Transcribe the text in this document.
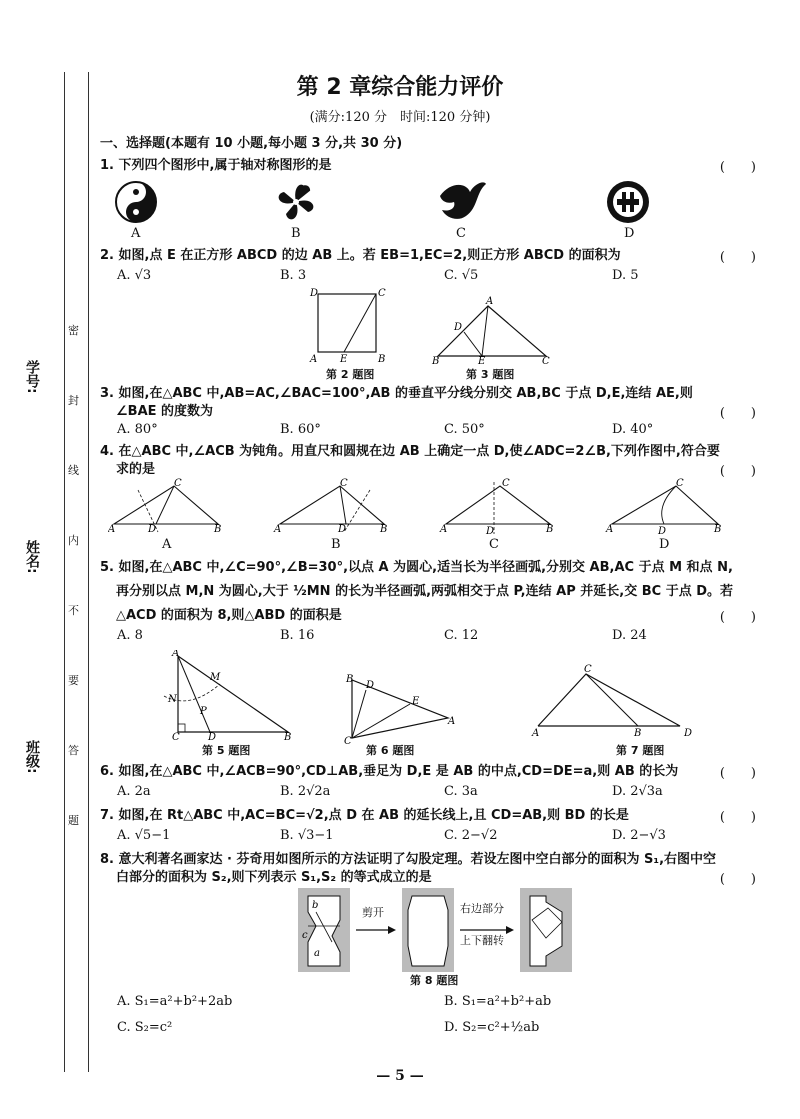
学号:
姓名:
班级:
密
封
线
内
不
要
答
题
第 2 章综合能力评价
(满分:120 分　时间:120 分钟)
一、选择题(本题有 10 小题,每小题 3 分,共 30 分)
1. 下列四个图形中,属于轴对称图形的是	(　　)
A	B	C	D
2. 如图,点 E 在正方形 ABCD 的边 AB 上。若 EB=1,EC=2,则正方形 ABCD 的面积为	(　　)
A. √3	B. 3	C. √5	D. 5
D	C
A E	B
第 2 题图
A
D
B	E	C
第 3 题图
3. 如图,在△ABC 中,AB=AC,∠BAC=100°,AB 的垂直平分线分别交 AB,BC 于点 D,E,连结 AE,则
∠BAE 的度数为	(　　)
A. 80°	B. 60°	C. 50°	D. 40°
4. 在△ABC 中,∠ACB 为钝角。用直尺和圆规在边 AB 上确定一点 D,使∠ADC=2∠B,下列作图中,符合要
求的是	(　　)
A	D	B
C
A	D	B
C
A	D	B
C
A	D	B
C
A	B	C	D
5. 如图,在△ABC 中,∠C=90°,∠B=30°,以点 A 为圆心,适当长为半径画弧,分别交 AB,AC 于点 M 和点 N,
再分别以点 M,N 为圆心,大于 ½MN 的长为半径画弧,两弧相交于点 P,连结 AP 并延长,交 BC 于点 D。若
△ACD 的面积为 8,则△ABD 的面积是	(　　)
A. 8	B. 16	C. 12	D. 24
A
M
N
P
C	D	B
第 5 题图
B
D
E
C
A
第 6 题图
C
A	B	D
第 7 题图
6. 如图,在△ABC 中,∠ACB=90°,CD⊥AB,垂足为 D,E 是 AB 的中点,CD=DE=a,则 AB 的长为	(　　)
A. 2a	B. 2√2a	C. 3a	D. 2√3a
7. 如图,在 Rt△ABC 中,AC=BC=√2,点 D 在 AB 的延长线上,且 CD=AB,则 BD 的长是	(　　)
A. √5−1	B. √3−1	C. 2−√2	D. 2−√3
8. 意大利著名画家达 · 芬奇用如图所示的方法证明了勾股定理。若设左图中空白部分的面积为 S₁,右图中空
白部分的面积为 S₂,则下列表示 S₁,S₂ 的等式成立的是	(　　)
b
c
a
剪开	右边部分
上下翻转
第 8 题图
A. S₁=a²+b²+2ab	B. S₁=a²+b²+ab
C. S₂=c²	D. S₂=c²+½ab
— 5 —
